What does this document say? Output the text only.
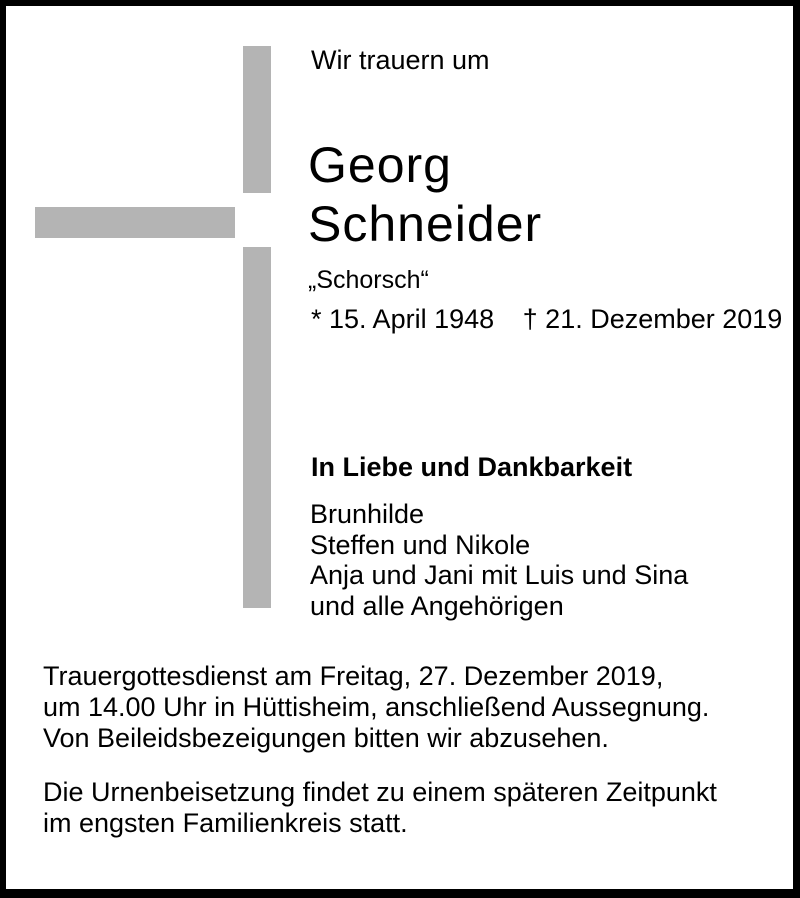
Wir trauern um
Georg
Schneider
„Schorsch“
* 15. April 1948 † 21. Dezember 2019
In Liebe und Dankbarkeit
Brunhilde
Steffen und Nikole
Anja und Jani mit Luis und Sina
und alle Angehörigen
Trauergottesdienst am Freitag, 27. Dezember 2019,
um 14.00 Uhr in Hüttisheim, anschließend Aussegnung.
Von Beileidsbezeigungen bitten wir abzusehen.
Die Urnenbeisetzung findet zu einem späteren Zeitpunkt
im engsten Familienkreis statt.
